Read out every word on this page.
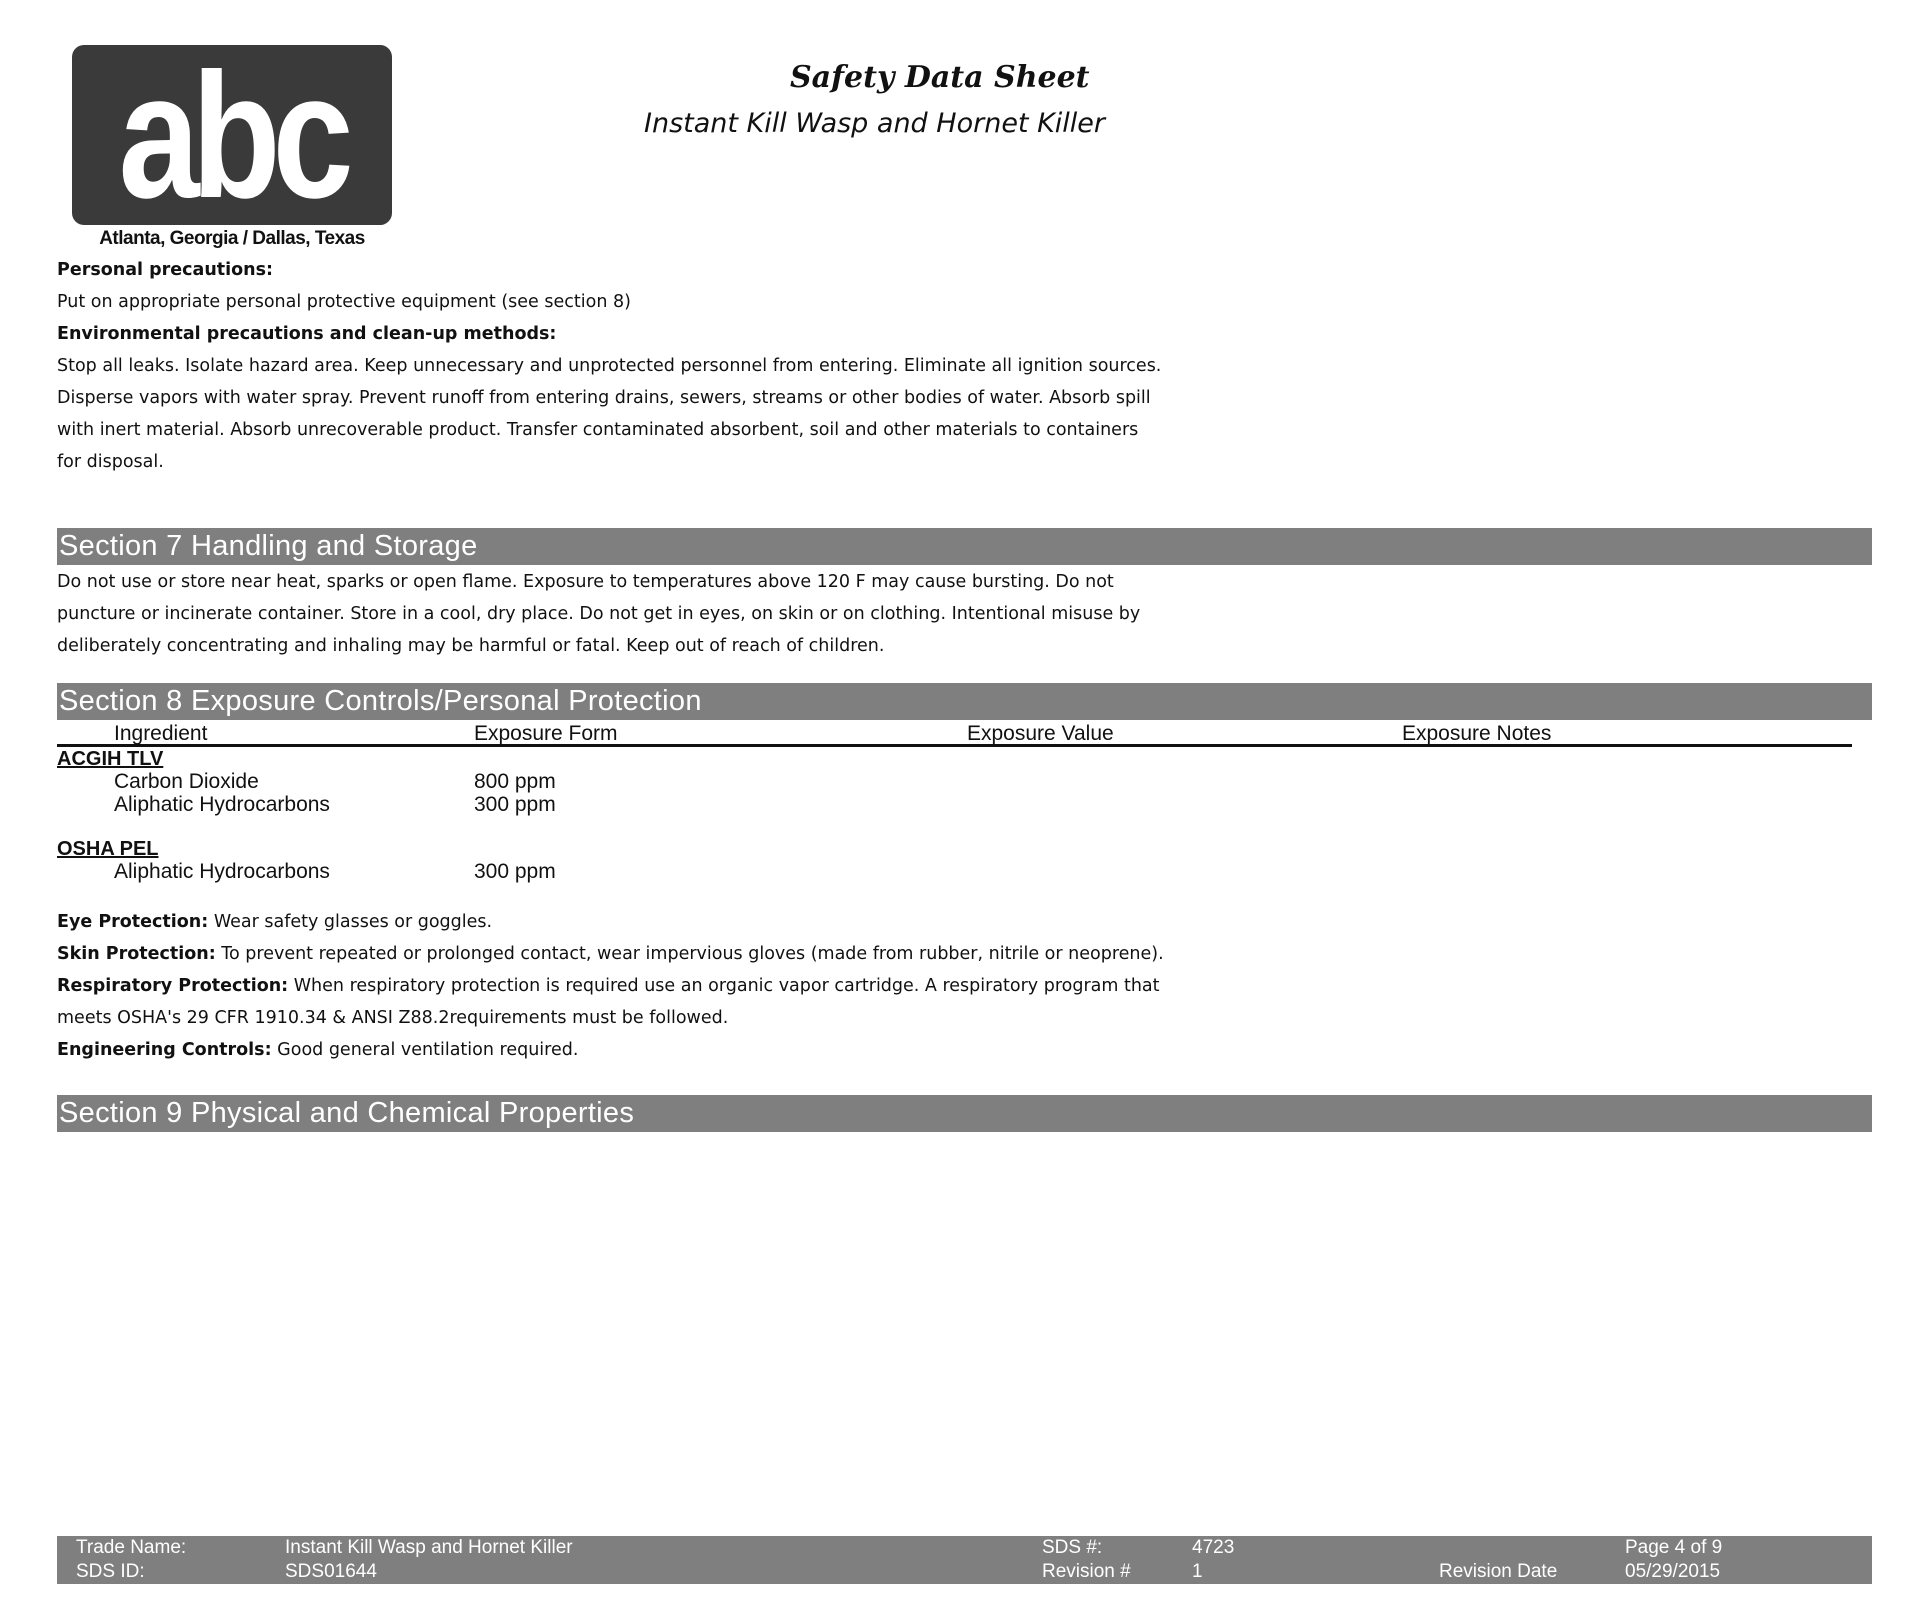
abc
Atlanta, Georgia / Dallas, Texas
Safety Data Sheet
Instant Kill Wasp and Hornet Killer

Personal precautions:

Put on appropriate personal protective equipment (see section 8)

Environmental precautions and clean-up methods:

Stop all leaks. Isolate hazard area. Keep unnecessary and unprotected personnel from entering. Eliminate all ignition sources.

Disperse vapors with water spray. Prevent runoff from entering drains, sewers, streams or other bodies of water. Absorb spill

with inert material. Absorb unrecoverable product. Transfer contaminated absorbent, soil and other materials to containers

for disposal.

Section 7 Handling and Storage

Do not use or store near heat, sparks or open flame. Exposure to temperatures above 120 F may cause bursting. Do not

puncture or incinerate container. Store in a cool, dry place. Do not get in eyes, on skin or on clothing. Intentional misuse by

deliberately concentrating and inhaling may be harmful or fatal. Keep out of reach of children.

Section 8 Exposure Controls/Personal Protection
Ingredient	Exposure Form	Exposure Value	Exposure Notes
ACGIH TLV
Carbon Dioxide	800 ppm
Aliphatic Hydrocarbons	300 ppm
OSHA PEL
Aliphatic Hydrocarbons	300 ppm

Eye Protection: Wear safety glasses or goggles.

Skin Protection: To prevent repeated or prolonged contact, wear impervious gloves (made from rubber, nitrile or neoprene).

Respiratory Protection: When respiratory protection is required use an organic vapor cartridge. A respiratory program that

meets OSHA's 29 CFR 1910.34 & ANSI Z88.2requirements must be followed.

Engineering Controls: Good general ventilation required.

Section 9 Physical and Chemical Properties
Trade Name:	Instant Kill Wasp and Hornet Killer	SDS #:	4723	Page 4 of 9
SDS ID:	SDS01644	Revision #	1	Revision Date	05/29/2015
